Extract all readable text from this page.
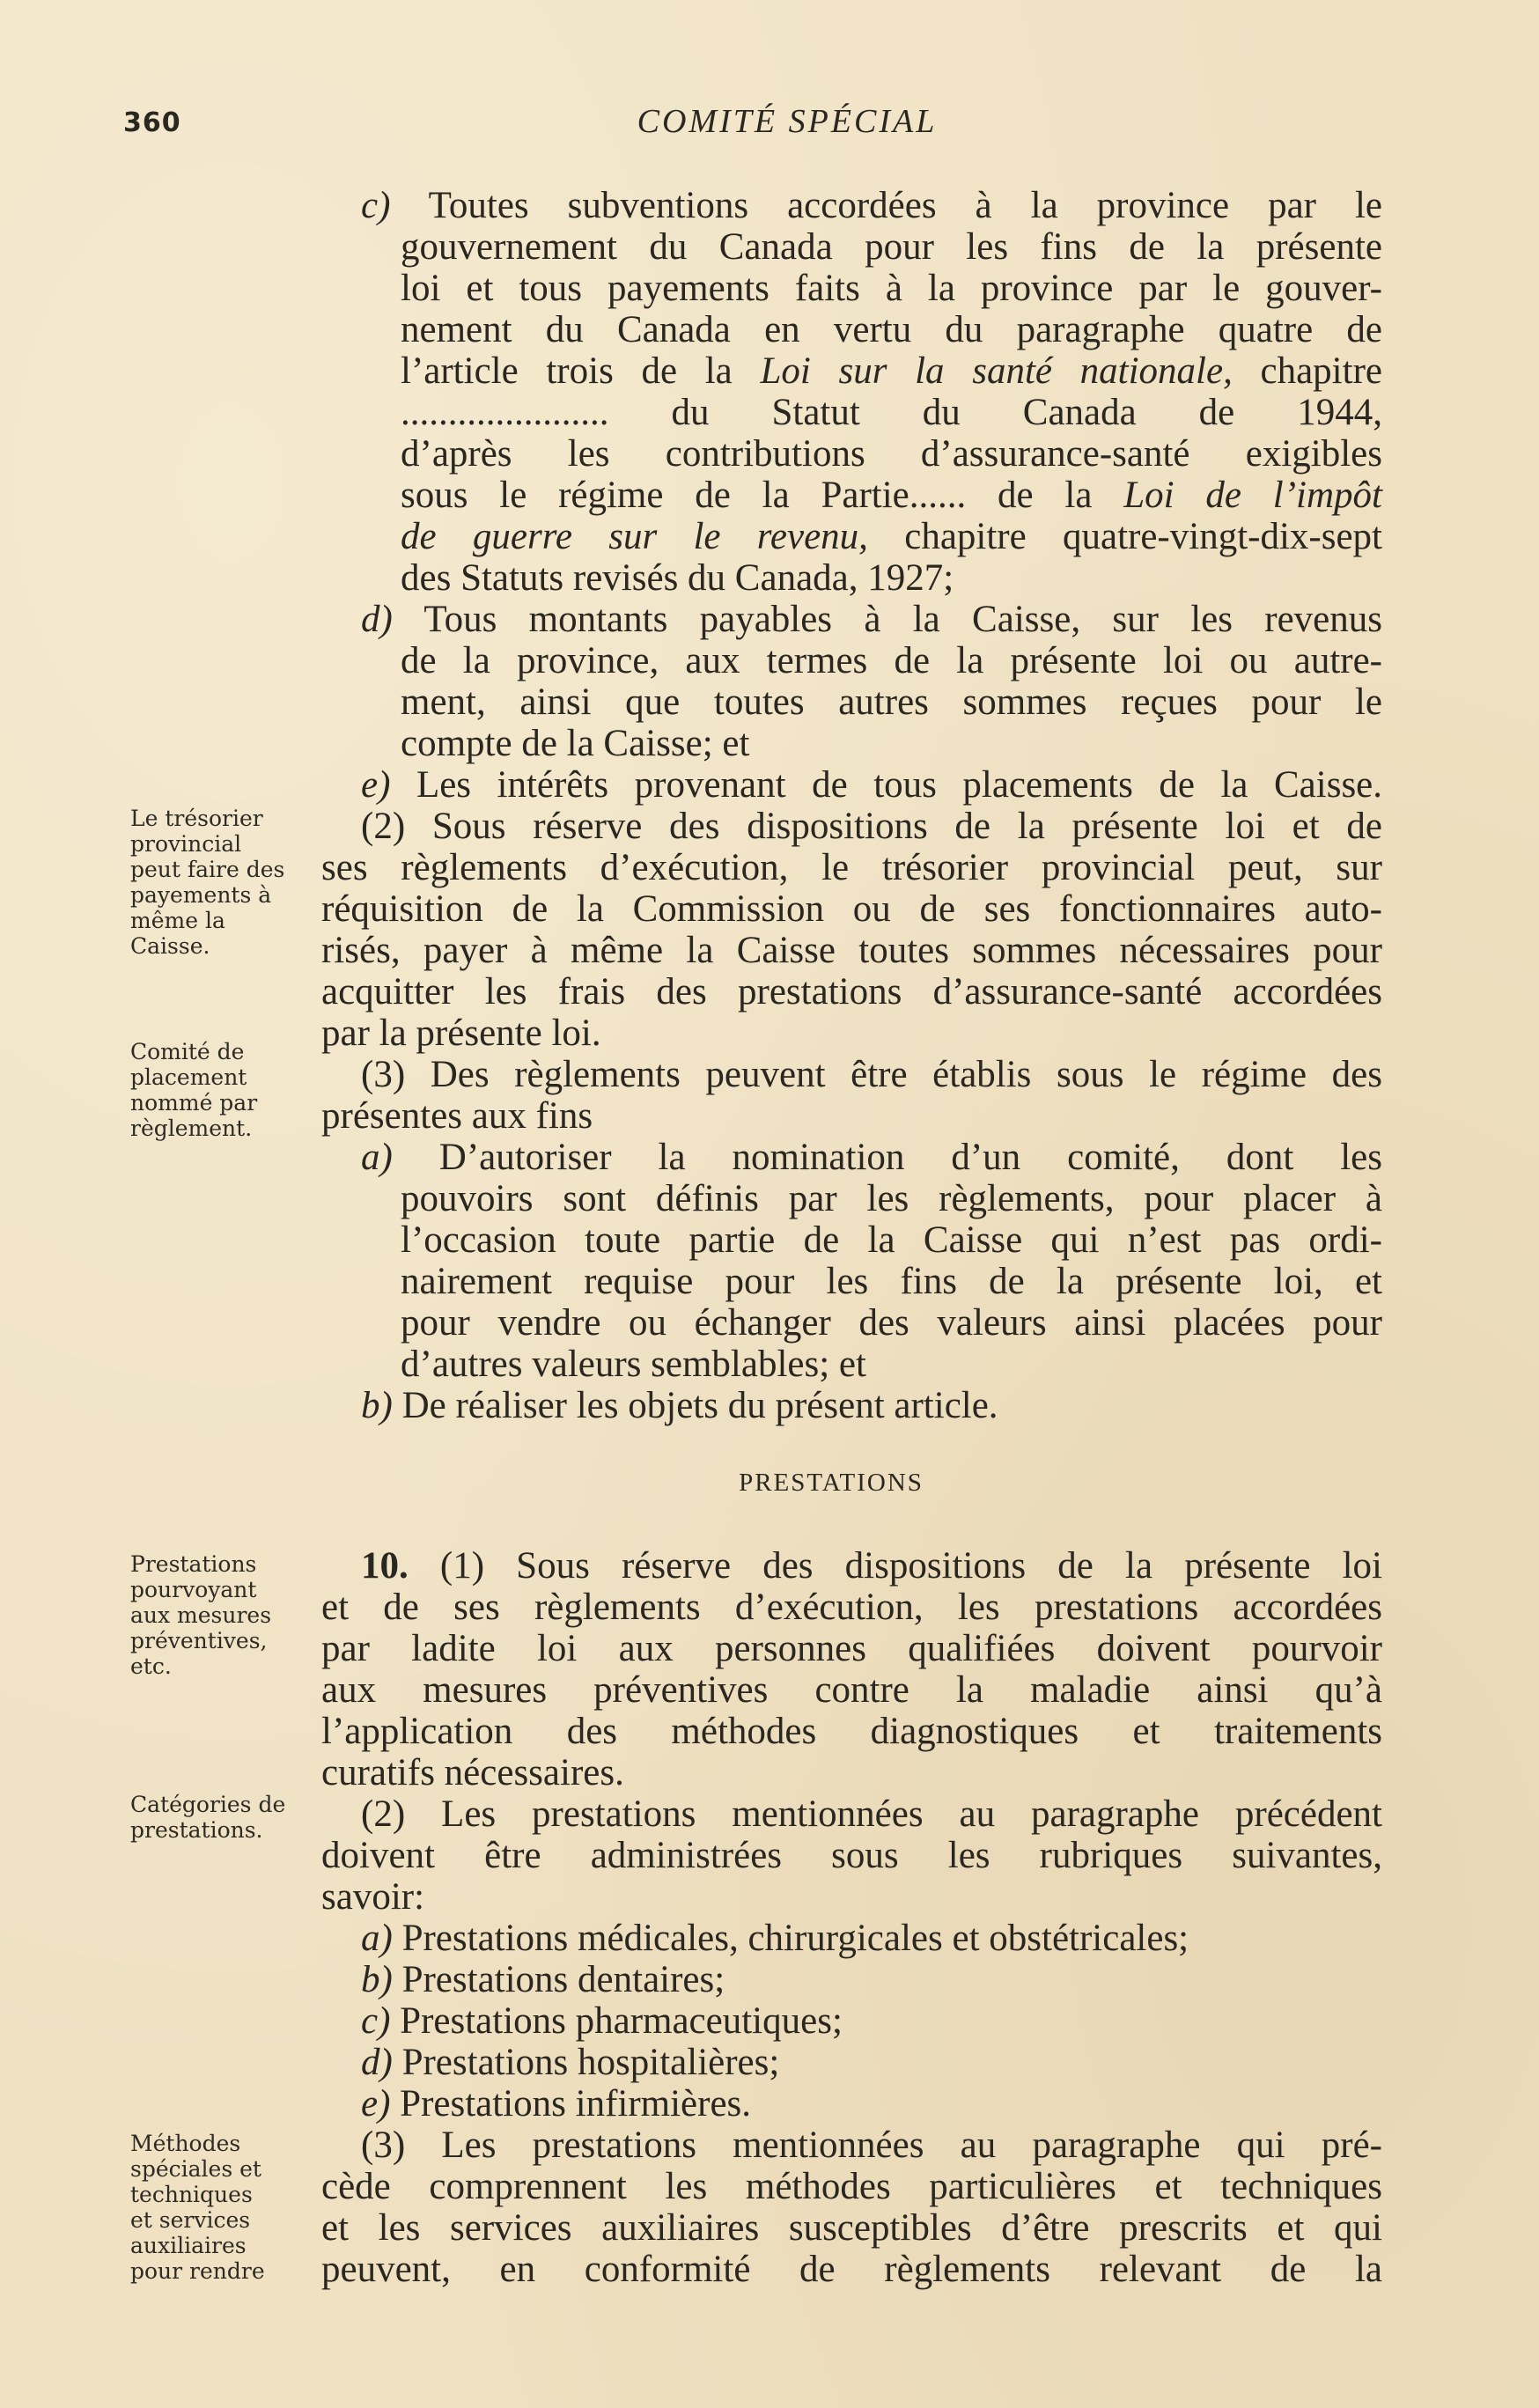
360	COMITÉ SPÉCIAL
c) Toutes subventions accordées à la province par le
gouvernement du Canada pour les fins de la présente
loi et tous payements faits à la province par le gouver-
nement du Canada en vertu du paragraphe quatre de
l’article trois de la Loi sur la santé nationale, chapitre
...................... du Statut du Canada de 1944,
d’après les contributions d’assurance-santé exigibles
sous le régime de la Partie...... de la Loi de l’impôt
de guerre sur le revenu, chapitre quatre-vingt-dix-sept
des Statuts revisés du Canada, 1927;
d) Tous montants payables à la Caisse, sur les revenus
de la province, aux termes de la présente loi ou autre-
ment, ainsi que toutes autres sommes reçues pour le
compte de la Caisse; et
e) Les intérêts provenant de tous placements de la Caisse.
(2) Sous réserve des dispositions de la présente loi et de
ses règlements d’exécution, le trésorier provincial peut, sur
réquisition de la Commission ou de ses fonctionnaires auto-
risés, payer à même la Caisse toutes sommes nécessaires pour
acquitter les frais des prestations d’assurance-santé accordées
par la présente loi.
(3) Des règlements peuvent être établis sous le régime des
présentes aux fins
a) D’autoriser la nomination d’un comité, dont les
pouvoirs sont définis par les règlements, pour placer à
l’occasion toute partie de la Caisse qui n’est pas ordi-
nairement requise pour les fins de la présente loi, et
pour vendre ou échanger des valeurs ainsi placées pour
d’autres valeurs semblables; et
b) De réaliser les objets du présent article.
PRESTATIONS
10. (1) Sous réserve des dispositions de la présente loi
et de ses règlements d’exécution, les prestations accordées
par ladite loi aux personnes qualifiées doivent pourvoir
aux mesures préventives contre la maladie ainsi qu’à
l’application des méthodes diagnostiques et traitements
curatifs nécessaires.
(2) Les prestations mentionnées au paragraphe précédent
doivent être administrées sous les rubriques suivantes,
savoir:
a) Prestations médicales, chirurgicales et obstétricales;
b) Prestations dentaires;
c) Prestations pharmaceutiques;
d) Prestations hospitalières;
e) Prestations infirmières.
(3) Les prestations mentionnées au paragraphe qui pré-
cède comprennent les méthodes particulières et techniques
et les services auxiliaires susceptibles d’être prescrits et qui
peuvent, en conformité de règlements relevant de la
Le trésorier
provincial
peut faire des
payements à
même la
Caisse.
Comité de
placement
nommé par
règlement.
Prestations
pourvoyant
aux mesures
préventives,
etc.
Catégories de
prestations.
Méthodes
spéciales et
techniques
et services
auxiliaires
pour rendre
